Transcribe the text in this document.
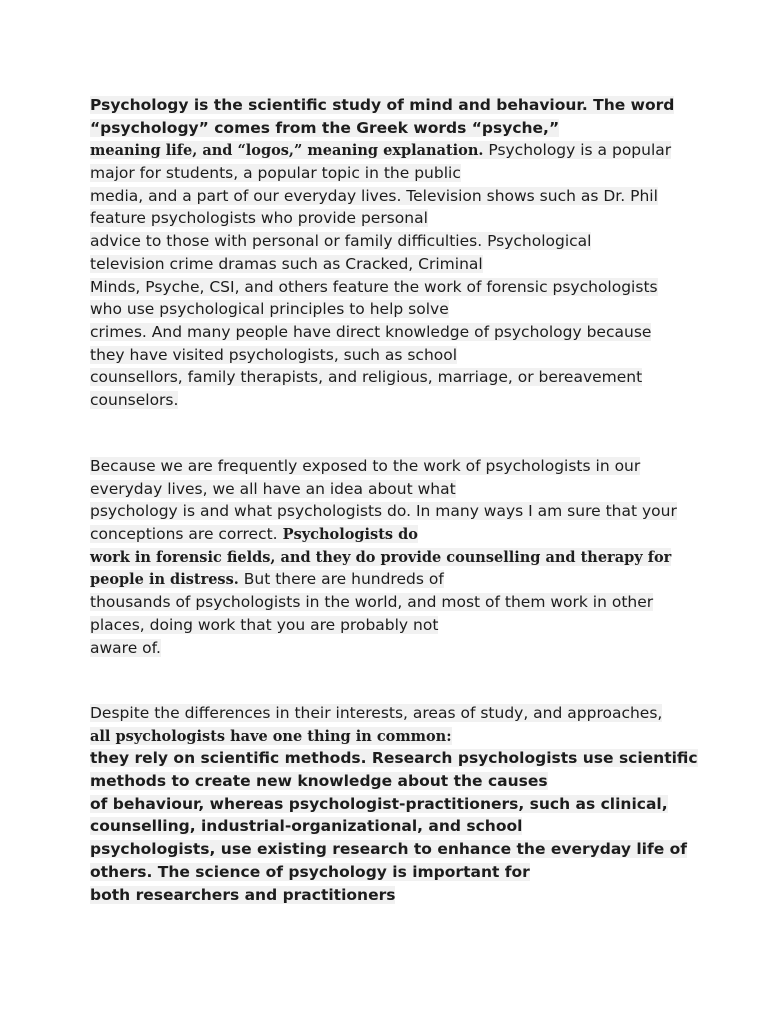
Psychology is the scientific study of mind and behaviour. The word
“psychology” comes from the Greek words “psyche,”
meaning life, and “logos,” meaning explanation. Psychology is a popular
major for students, a popular topic in the public
media, and a part of our everyday lives. Television shows such as Dr. Phil
feature psychologists who provide personal
advice to those with personal or family difficulties. Psychological
television crime dramas such as Cracked, Criminal
Minds, Psyche, CSI, and others feature the work of forensic psychologists
who use psychological principles to help solve
crimes. And many people have direct knowledge of psychology because
they have visited psychologists, such as school
counsellors, family therapists, and religious, marriage, or bereavement
counselors.
Because we are frequently exposed to the work of psychologists in our
everyday lives, we all have an idea about what
psychology is and what psychologists do. In many ways I am sure that your
conceptions are correct. Psychologists do
work in forensic fields, and they do provide counselling and therapy for
people in distress. But there are hundreds of
thousands of psychologists in the world, and most of them work in other
places, doing work that you are probably not
aware of.
Despite the differences in their interests, areas of study, and approaches,
all psychologists have one thing in common:
they rely on scientific methods. Research psychologists use scientific
methods to create new knowledge about the causes
of behaviour, whereas psychologist-practitioners, such as clinical,
counselling, industrial-organizational, and school
psychologists, use existing research to enhance the everyday life of
others. The science of psychology is important for
both researchers and practitioners
